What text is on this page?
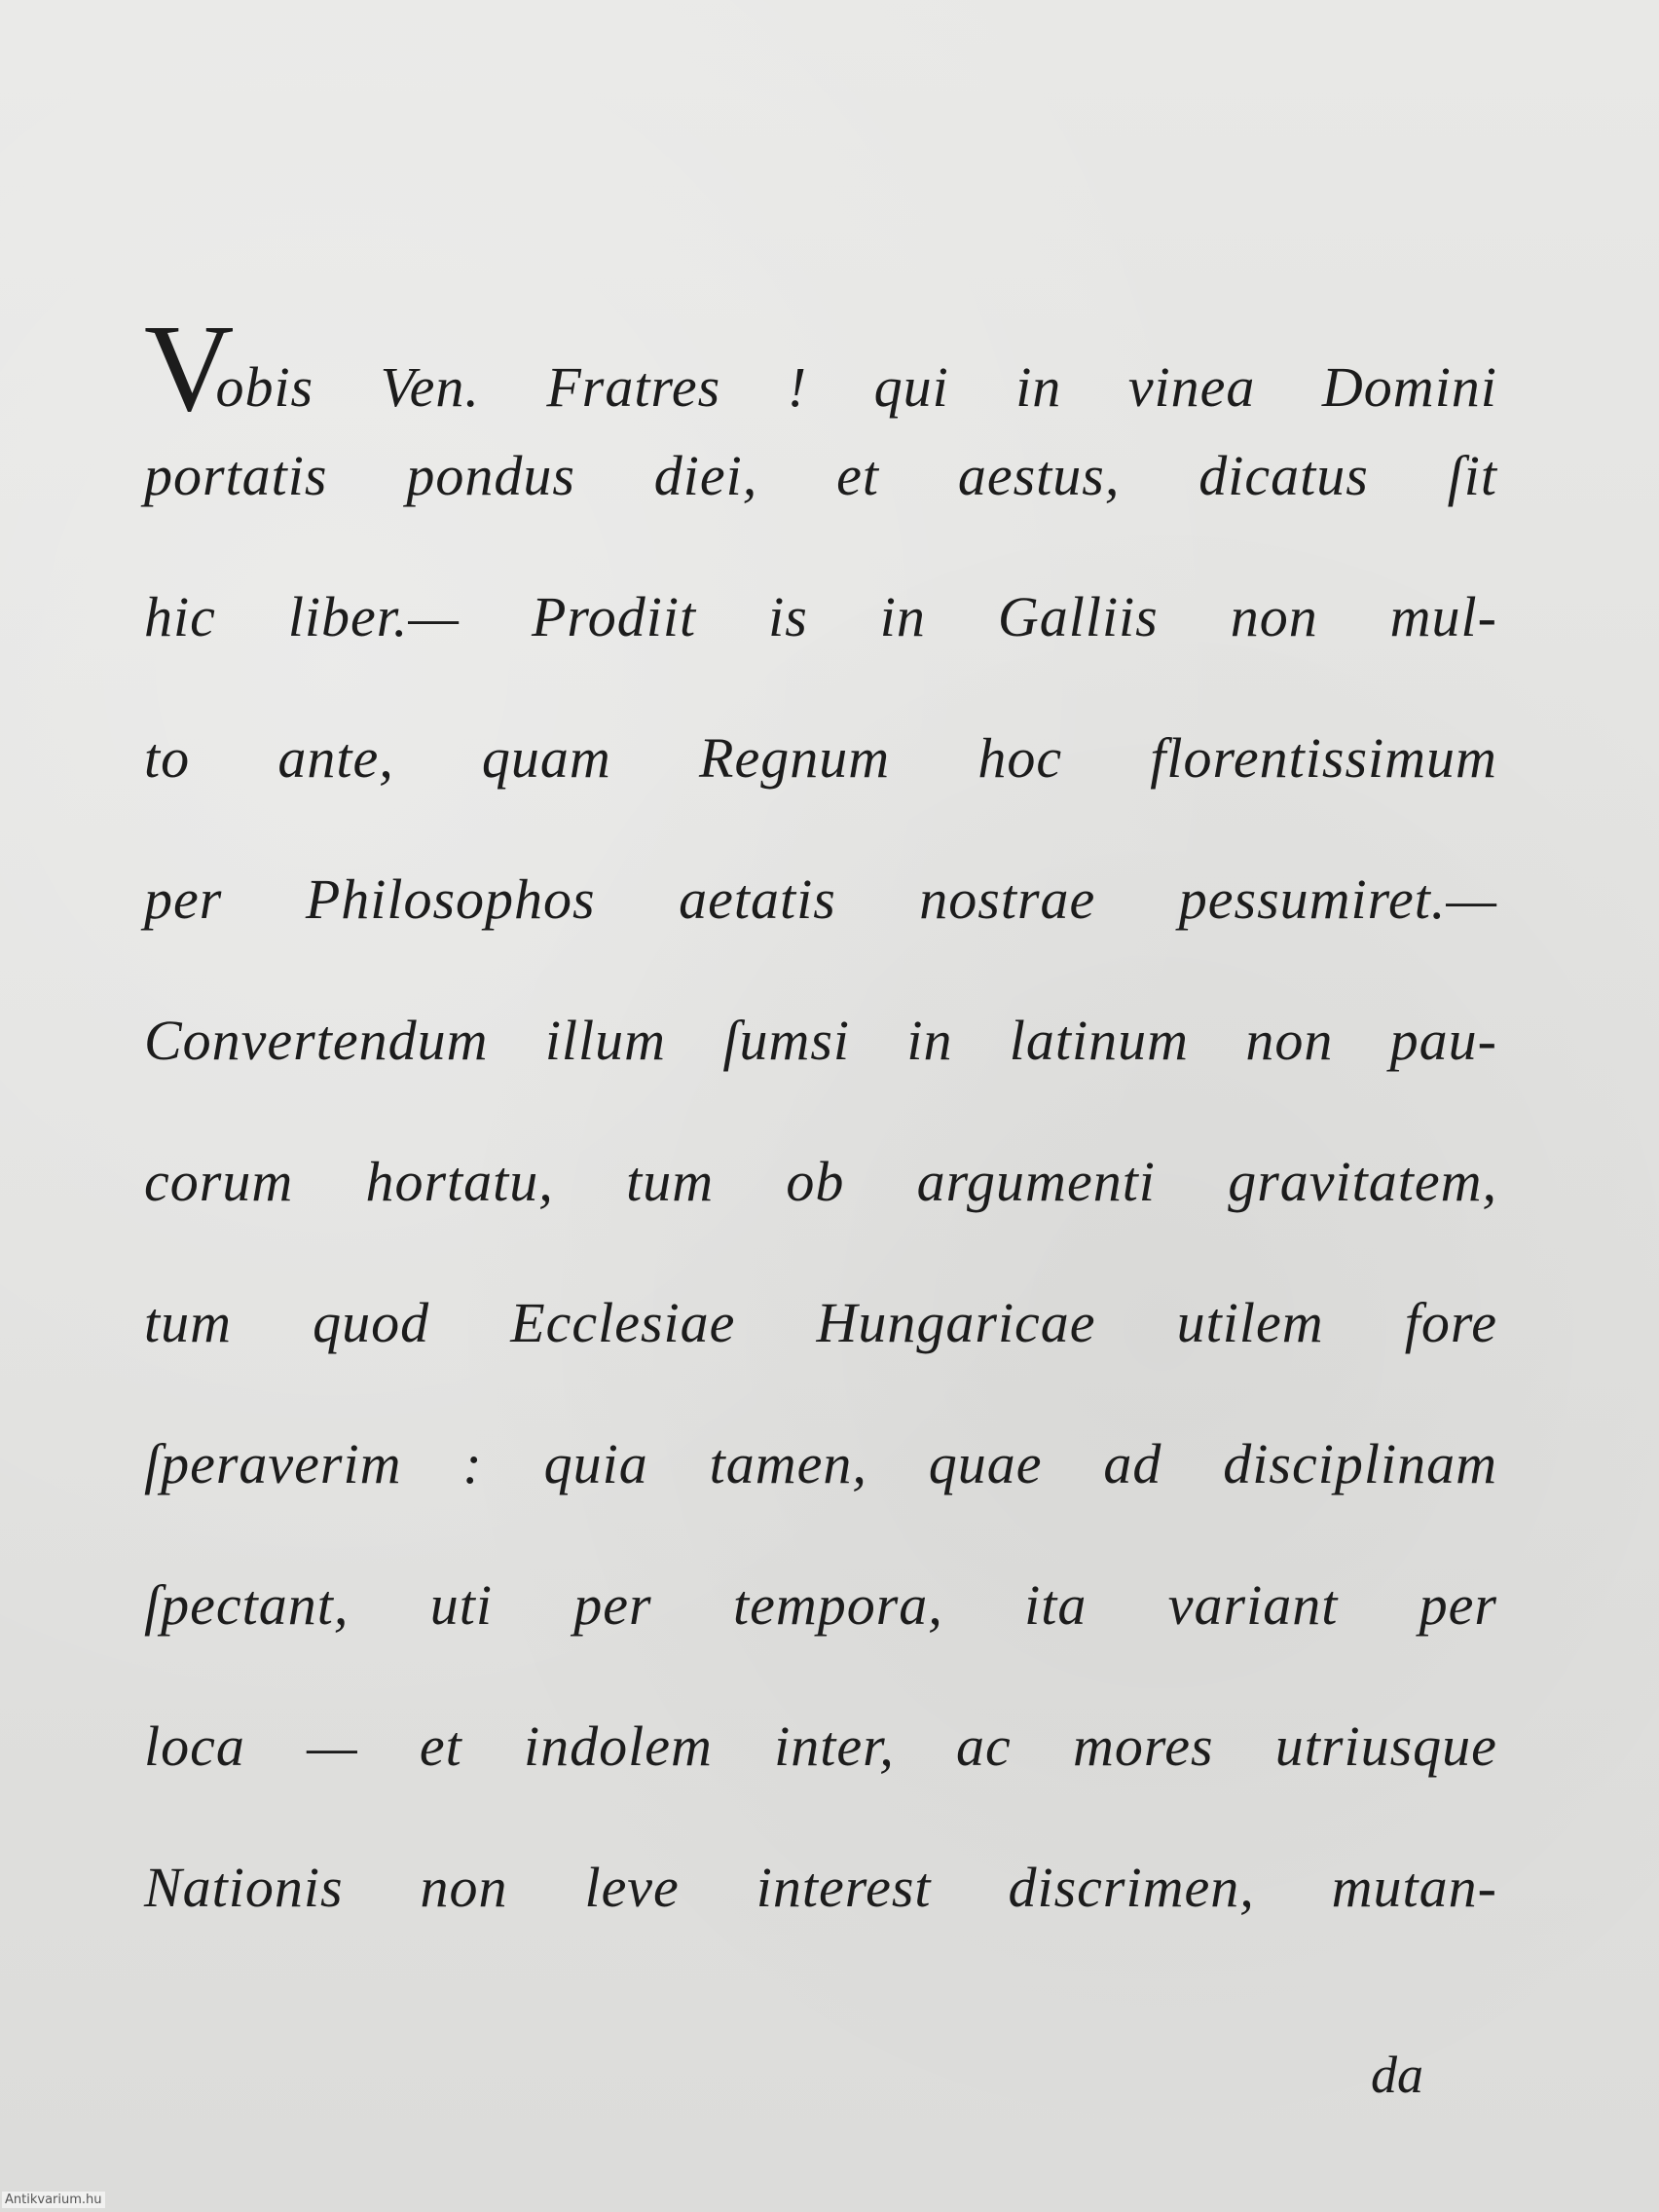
V
obis Ven. Fratres ! qui in vinea Domini
portatis pondus diei, et aestus, dicatus ſit
hic liber.— Prodiit is in Galliis non mul-
to ante, quam Regnum hoc florentissimum
per Philosophos aetatis nostrae pessumiret.—
Convertendum illum ſumsi in latinum non pau-
corum hortatu, tum ob argumenti gravitatem,
tum quod Ecclesiae Hungaricae utilem fore
ſperaverim : quia tamen, quae ad disciplinam
ſpectant, uti per tempora, ita variant per
loca — et indolem inter, ac mores utriusque
Nationis non leve interest discrimen, mutan-
da
Antikvarium.hu
